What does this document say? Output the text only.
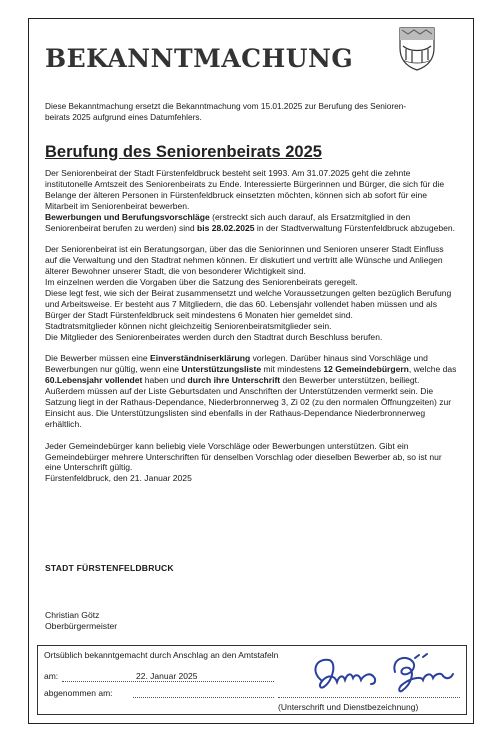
BEKANNTMACHUNG
Diese Bekanntmachung ersetzt die Bekanntmachung vom 15.01.2025 zur Berufung des Senioren-
beirats 2025 aufgrund eines Datumfehlers.
Berufung des Seniorenbeirats 2025

Der Seniorenbeirat der Stadt Fürstenfeldbruck besteht seit 1993. Am 31.07.2025 geht die zehnte institutonelle Amtszeit des Seniorenbeirats zu Ende. Interessierte Bürgerinnen und Bürger, die sich für die Belange der älteren Personen in Fürstenfeldbruck einsetzten möchten, können sich ab sofort für eine Mitarbeit im Seniorenbeirat bewerben.
Bewerbungen und Berufungsvorschläge (erstreckt sich auch darauf, als Ersatzmitglied in den Seniorenbeirat berufen zu werden) sind bis 28.02.2025 in der Stadtverwaltung Fürstenfeldbruck abzugeben.

Der Seniorenbeirat ist ein Beratungsorgan, über das die Seniorinnen und Senioren unserer Stadt Einfluss auf die Verwaltung und den Stadtrat nehmen können. Er diskutiert und vertritt alle Wünsche und Anliegen älterer Bewohner unserer Stadt, die von besonderer Wichtigkeit sind.
Im einzelnen werden die Vorgaben über die Satzung des Seniorenbeirats geregelt.
Diese legt fest, wie sich der Beirat zusammensetzt und welche Voraussetzungen gelten bezüglich Berufung und Arbeitsweise. Er besteht aus 7 Mitgliedern, die das 60. Lebensjahr vollendet haben müssen und als Bürger der Stadt Fürstenfeldbruck seit mindestens 6 Monaten hier gemeldet sind.
Stadtratsmitglieder können nicht gleichzeitig Seniorenbeiratsmitglieder sein.
Die Mitglieder des Seniorenbeirates werden durch den Stadtrat durch Beschluss berufen.

Die Bewerber müssen eine Einverständniserklärung vorlegen. Darüber hinaus sind Vorschläge und Bewerbungen nur gültig, wenn eine Unterstützungsliste mit mindestens 12 Gemeindebürgern, welche das 60.Lebensjahr vollendet haben und durch ihre Unterschrift den Bewerber unterstützen, beiliegt. Außerdem müssen auf der Liste Geburtsdaten und Anschriften der Unterstützenden vermerkt sein. Die Satzung liegt in der Rathaus-Dependance, Niederbronnerweg 3, Zi 02 (zu den normalen Öffnungzeiten) zur Einsicht aus. Die Unterstützungslisten sind ebenfalls in der Rathaus-Dependance Niederbronnerweg erhältlich.

Jeder Gemeindebürger kann beliebig viele Vorschläge oder Bewerbungen unterstützen. Gibt ein Gemeindebürger mehrere Unterschriften für denselben Vorschlag oder dieselben Bewerber ab, so ist nur eine Unterschrift gültig.
Fürstenfeldbruck, den 21. Januar 2025

STADT FÜRSTENFELDBRUCK
Christian Götz
Oberbürgermeister
Ortsüblich bekanntgemacht durch Anschlag an den Amtstafeln
am:	22. Januar 2025
abgenommen am:
(Unterschrift und Dienstbezeichnung)
